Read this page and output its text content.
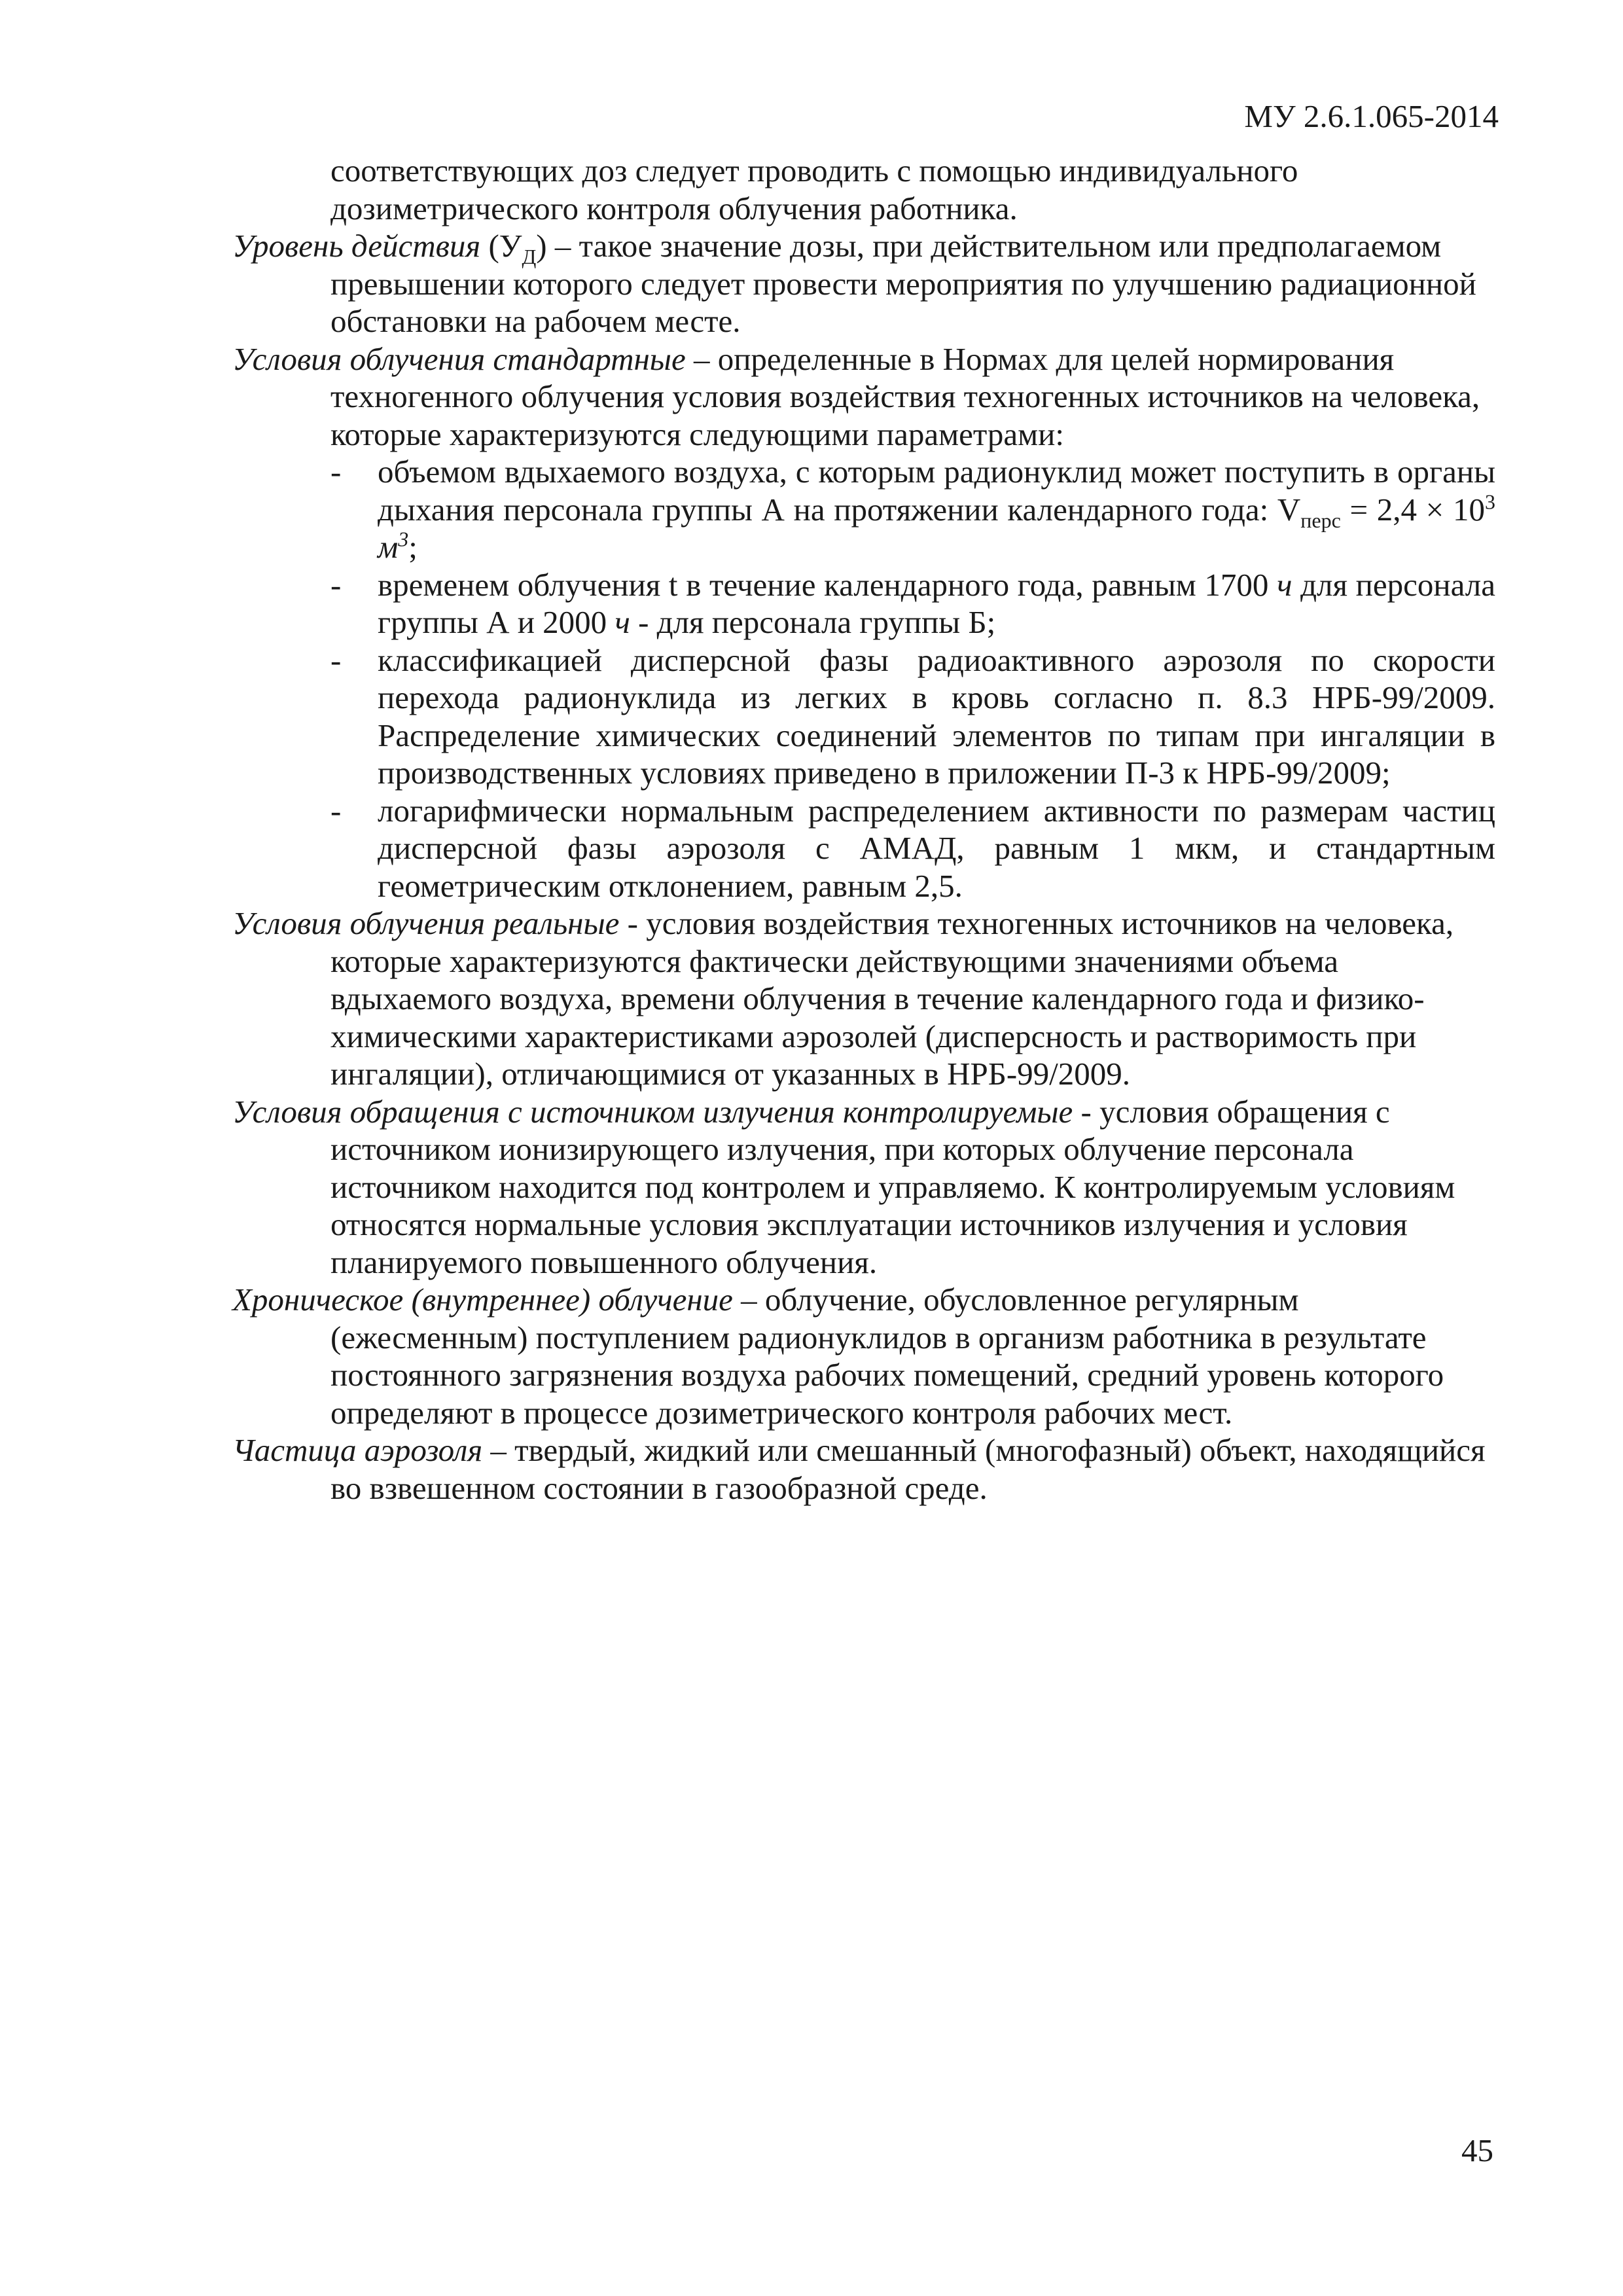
МУ 2.6.1.065-2014

соответствующих доз следует проводить с помощью индивидуального
дозиметрического контроля облучения работника.

Уровень действия $(У_Д)$ – такое значение дозы, при действительном или предполагаемом превышении которого следует провести мероприятия по улучшению радиационной обстановки на рабочем месте.

Условия облучения стандартные – определенные в Нормах для целей нормирования техногенного облучения условия воздействия техногенных источников на человека, которые характеризуются следующими параметрами:

- объемом вдыхаемого воздуха, с которым радионуклид может поступить в органы дыхания персонала группы А на протяжении календарного года: $V_{перс} = 2,4 \times 10^3$ $м^3$;
- временем облучения t в течение календарного года, равным 1700 ч для персонала группы А и 2000 ч - для персонала группы Б;
- классификацией дисперсной фазы радиоактивного аэрозоля по скорости перехода радионуклида из легких в кровь согласно п. 8.3 НРБ-99/2009. Распределение химических соединений элементов по типам при ингаляции в производственных условиях приведено в приложении П-3 к НРБ-99/2009;
- логарифмически нормальным распределением активности по размерам частиц дисперсной фазы аэрозоля с АМАД, равным 1 мкм, и стандартным геометрическим отклонением, равным 2,5.

Условия облучения реальные - условия воздействия техногенных источников на человека, которые характеризуются фактически действующими значениями объема вдыхаемого воздуха, времени облучения в течение календарного года и физико-химическими характеристиками аэрозолей (дисперсность и растворимость при ингаляции), отличающимися от указанных в НРБ-99/2009.

Условия обращения с источником излучения контролируемые - условия обращения с источником ионизирующего излучения, при которых облучение персонала источником находится под контролем и управляемо. К контролируемым условиям относятся нормальные условия эксплуатации источников излучения и условия планируемого повышенного облучения.

Хроническое (внутреннее) облучение – облучение, обусловленное регулярным (ежесменным) поступлением радионуклидов в организм работника в результате постоянного загрязнения воздуха рабочих помещений, средний уровень которого определяют в процессе дозиметрического контроля рабочих мест.

Частица аэрозоля – твердый, жидкий или смешанный (многофазный) объект, находящийся во взвешенном состоянии в газообразной среде.

45
